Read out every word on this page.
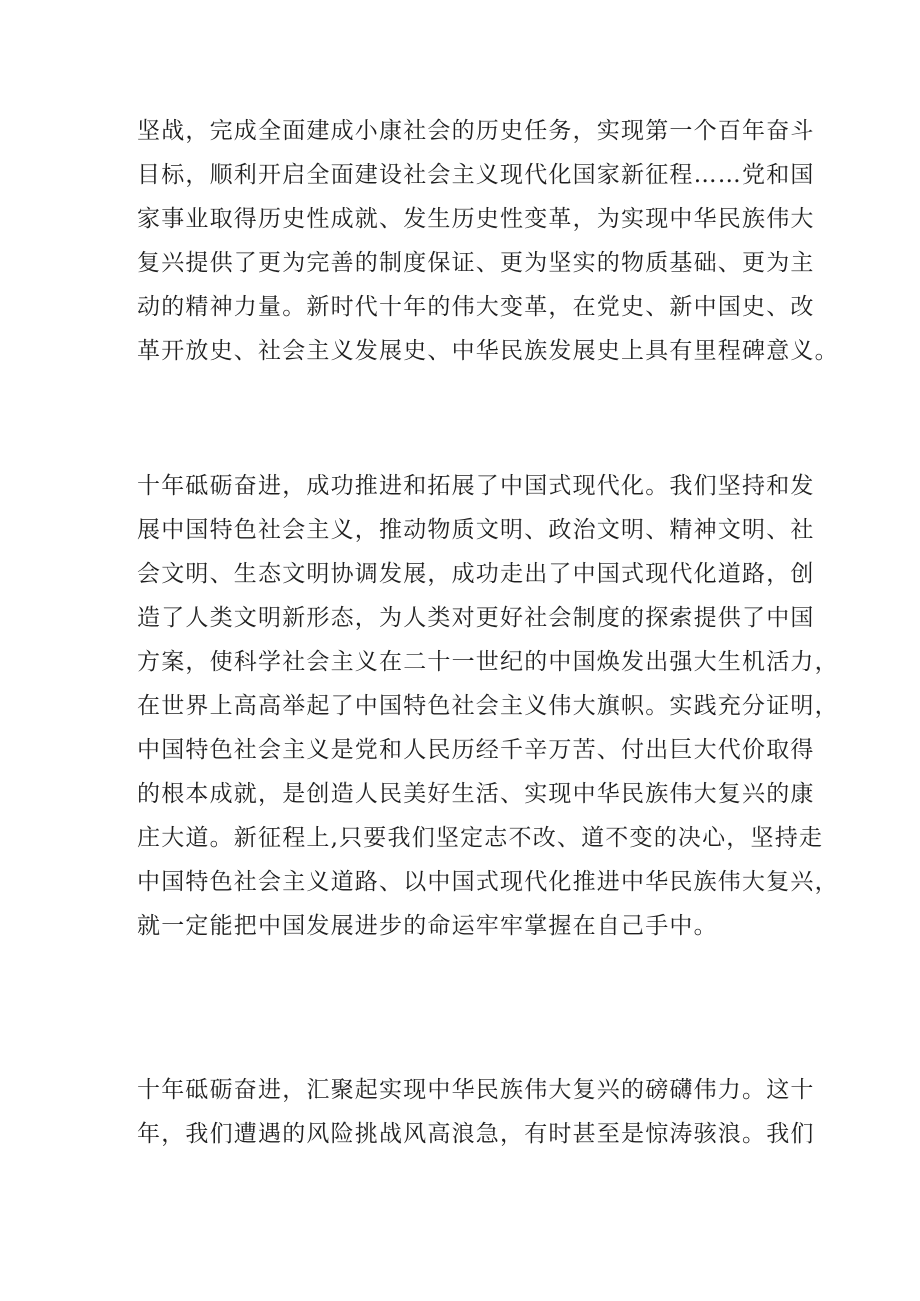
坚战，完成全面建成小康社会的历史任务，实现第一个百年奋斗
目标，顺利开启全面建设社会主义现代化国家新征程……党和国
家事业取得历史性成就、发生历史性变革，为实现中华民族伟大
复兴提供了更为完善的制度保证、更为坚实的物质基础、更为主
动的精神力量。新时代十年的伟大变革，在党史、新中国史、改
革开放史、社会主义发展史、中华民族发展史上具有里程碑意义。

十年砥砺奋进，成功推进和拓展了中国式现代化。我们坚持和发
展中国特色社会主义，推动物质文明、政治文明、精神文明、社
会文明、生态文明协调发展，成功走出了中国式现代化道路，创
造了人类文明新形态，为人类对更好社会制度的探索提供了中国
方案，使科学社会主义在二十一世纪的中国焕发出强大生机活力，
在世界上高高举起了中国特色社会主义伟大旗帜。实践充分证明，
中国特色社会主义是党和人民历经千辛万苦、付出巨大代价取得
的根本成就，是创造人民美好生活、实现中华民族伟大复兴的康
庄大道。新征程上,只要我们坚定志不改、道不变的决心，坚持走
中国特色社会主义道路、以中国式现代化推进中华民族伟大复兴，
就一定能把中国发展进步的命运牢牢掌握在自己手中。

十年砥砺奋进，汇聚起实现中华民族伟大复兴的磅礴伟力。这十
年，我们遭遇的风险挑战风高浪急，有时甚至是惊涛骇浪。我们
